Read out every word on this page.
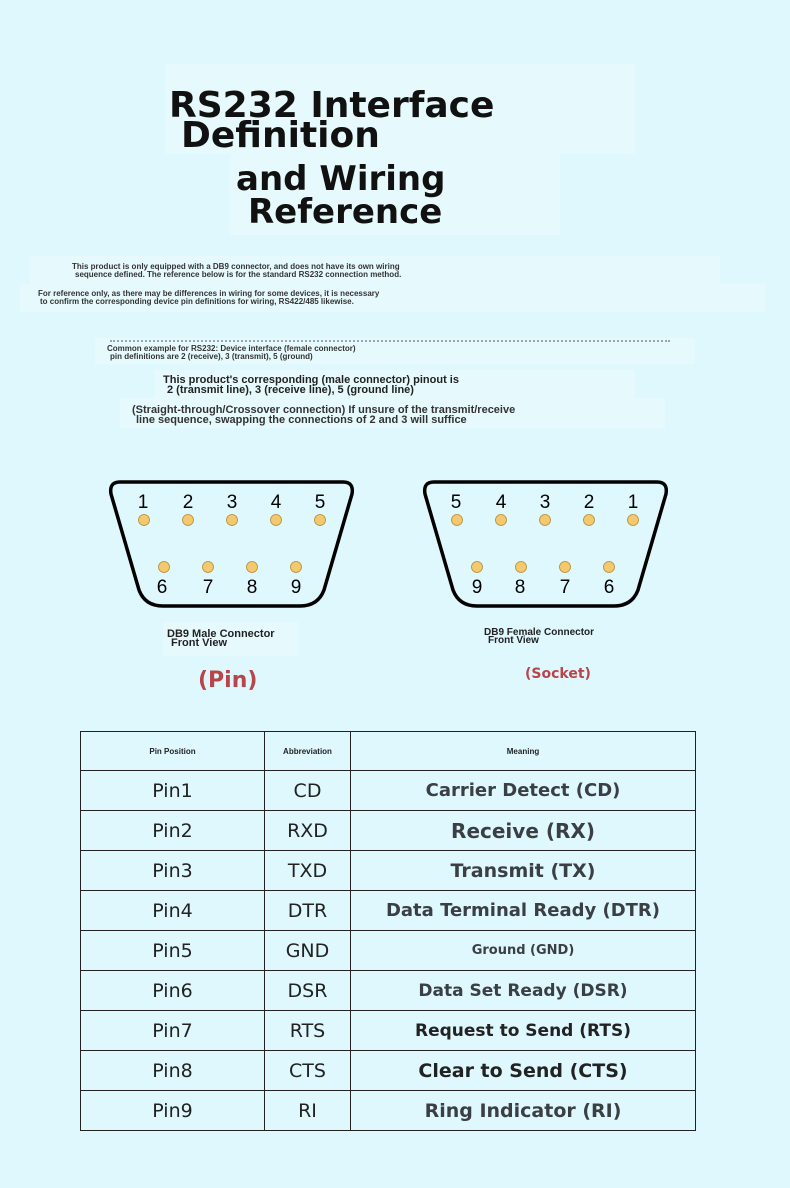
RS232 Interface
Definition
and Wiring
Reference
This product is only equipped with a DB9 connector, and does not have its own wiring
sequence defined. The reference below is for the standard RS232 connection method.
For reference only, as there may be differences in wiring for some devices, it is necessary
to confirm the corresponding device pin definitions for wiring, RS422/485 likewise.
Common example for RS232: Device interface (female connector)
pin definitions are 2 (receive), 3 (transmit), 5 (ground)
This product's corresponding (male connector) pinout is
2 (transmit line), 3 (receive line), 5 (ground line)
(Straight-through/Crossover connection) If unsure of the transmit/receive
line sequence, swapping the connections of 2 and 3 will suffice
1 2 3 4 5
6 7 8 9
5 4 3 2 1
9 8 7 6
DB9 Male Connector
Front View
DB9 Female Connector
Front View
(Pin)	(Socket)
Pin Position	Abbreviation	Meaning
Pin1	CD	Carrier Detect (CD)
Pin2	RXD	Receive (RX)
Pin3	TXD	Transmit (TX)
Pin4	DTR	Data Terminal Ready (DTR)
Pin5	GND	Ground (GND)
Pin6	DSR	Data Set Ready (DSR)
Pin7	RTS	Request to Send (RTS)
Pin8	CTS	Clear to Send (CTS)
Pin9	RI	Ring Indicator (RI)
